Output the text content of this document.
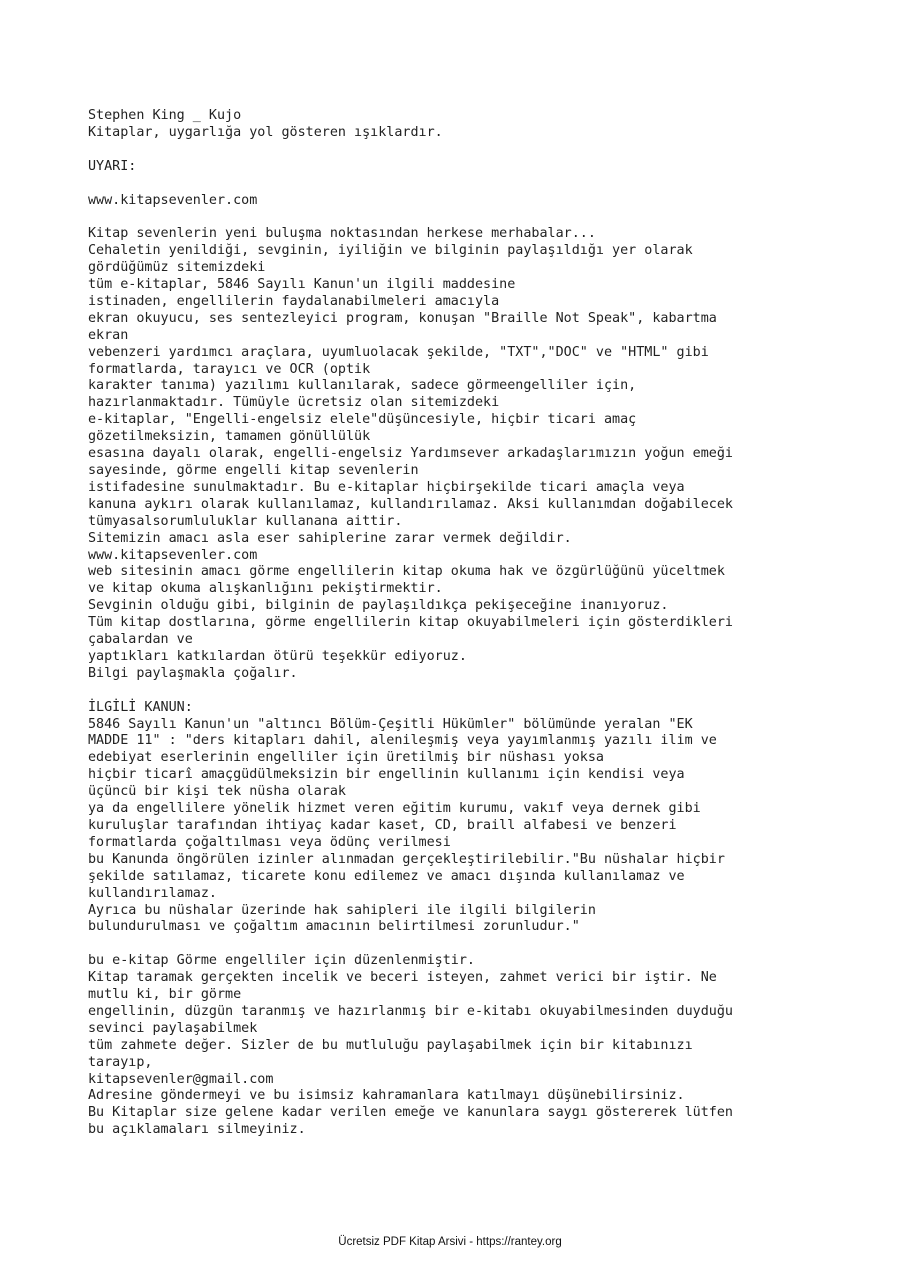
Stephen King _ Kujo
Kitaplar, uygarlığa yol gösteren ışıklardır.
UYARI:
www.kitapsevenler.com
Kitap sevenlerin yeni buluşma noktasından herkese merhabalar...
Cehaletin yenildiği, sevginin, iyiliğin ve bilginin paylaşıldığı yer olarak
gördüğümüz sitemizdeki
tüm e-kitaplar, 5846 Sayılı Kanun'un ilgili maddesine
istinaden, engellilerin faydalanabilmeleri amacıyla
ekran okuyucu, ses sentezleyici program, konuşan "Braille Not Speak", kabartma
ekran
vebenzeri yardımcı araçlara, uyumluolacak şekilde, "TXT","DOC" ve "HTML" gibi
formatlarda, tarayıcı ve OCR (optik
karakter tanıma) yazılımı kullanılarak, sadece görmeengelliler için,
hazırlanmaktadır. Tümüyle ücretsiz olan sitemizdeki
e-kitaplar, "Engelli-engelsiz elele"düşüncesiyle, hiçbir ticari amaç
gözetilmeksizin, tamamen gönüllülük
esasına dayalı olarak, engelli-engelsiz Yardımsever arkadaşlarımızın yoğun emeği
sayesinde, görme engelli kitap sevenlerin
istifadesine sunulmaktadır. Bu e-kitaplar hiçbirşekilde ticari amaçla veya
kanuna aykırı olarak kullanılamaz, kullandırılamaz. Aksi kullanımdan doğabilecek
tümyasalsorumluluklar kullanana aittir.
Sitemizin amacı asla eser sahiplerine zarar vermek değildir.
www.kitapsevenler.com
web sitesinin amacı görme engellilerin kitap okuma hak ve özgürlüğünü yüceltmek
ve kitap okuma alışkanlığını pekiştirmektir.
Sevginin olduğu gibi, bilginin de paylaşıldıkça pekişeceğine inanıyoruz.
Tüm kitap dostlarına, görme engellilerin kitap okuyabilmeleri için gösterdikleri
çabalardan ve
yaptıkları katkılardan ötürü teşekkür ediyoruz.
Bilgi paylaşmakla çoğalır.
İLGİLİ KANUN:
5846 Sayılı Kanun'un "altıncı Bölüm-Çeşitli Hükümler" bölümünde yeralan "EK
MADDE 11" : "ders kitapları dahil, alenileşmiş veya yayımlanmış yazılı ilim ve
edebiyat eserlerinin engelliler için üretilmiş bir nüshası yoksa
hiçbir ticarî amaçgüdülmeksizin bir engellinin kullanımı için kendisi veya
üçüncü bir kişi tek nüsha olarak
ya da engellilere yönelik hizmet veren eğitim kurumu, vakıf veya dernek gibi
kuruluşlar tarafından ihtiyaç kadar kaset, CD, braill alfabesi ve benzeri
formatlarda çoğaltılması veya ödünç verilmesi
bu Kanunda öngörülen izinler alınmadan gerçekleştirilebilir."Bu nüshalar hiçbir
şekilde satılamaz, ticarete konu edilemez ve amacı dışında kullanılamaz ve
kullandırılamaz.
Ayrıca bu nüshalar üzerinde hak sahipleri ile ilgili bilgilerin
bulundurulması ve çoğaltım amacının belirtilmesi zorunludur."
bu e-kitap Görme engelliler için düzenlenmiştir.
Kitap taramak gerçekten incelik ve beceri isteyen, zahmet verici bir iştir. Ne
mutlu ki, bir görme
engellinin, düzgün taranmış ve hazırlanmış bir e-kitabı okuyabilmesinden duyduğu
sevinci paylaşabilmek
tüm zahmete değer. Sizler de bu mutluluğu paylaşabilmek için bir kitabınızı
tarayıp,
kitapsevenler@gmail.com
Adresine göndermeyi ve bu isimsiz kahramanlara katılmayı düşünebilirsiniz.
Bu Kitaplar size gelene kadar verilen emeğe ve kanunlara saygı göstererek lütfen
bu açıklamaları silmeyiniz.
Ücretsiz PDF Kitap Arsivi - https://rantey.org
